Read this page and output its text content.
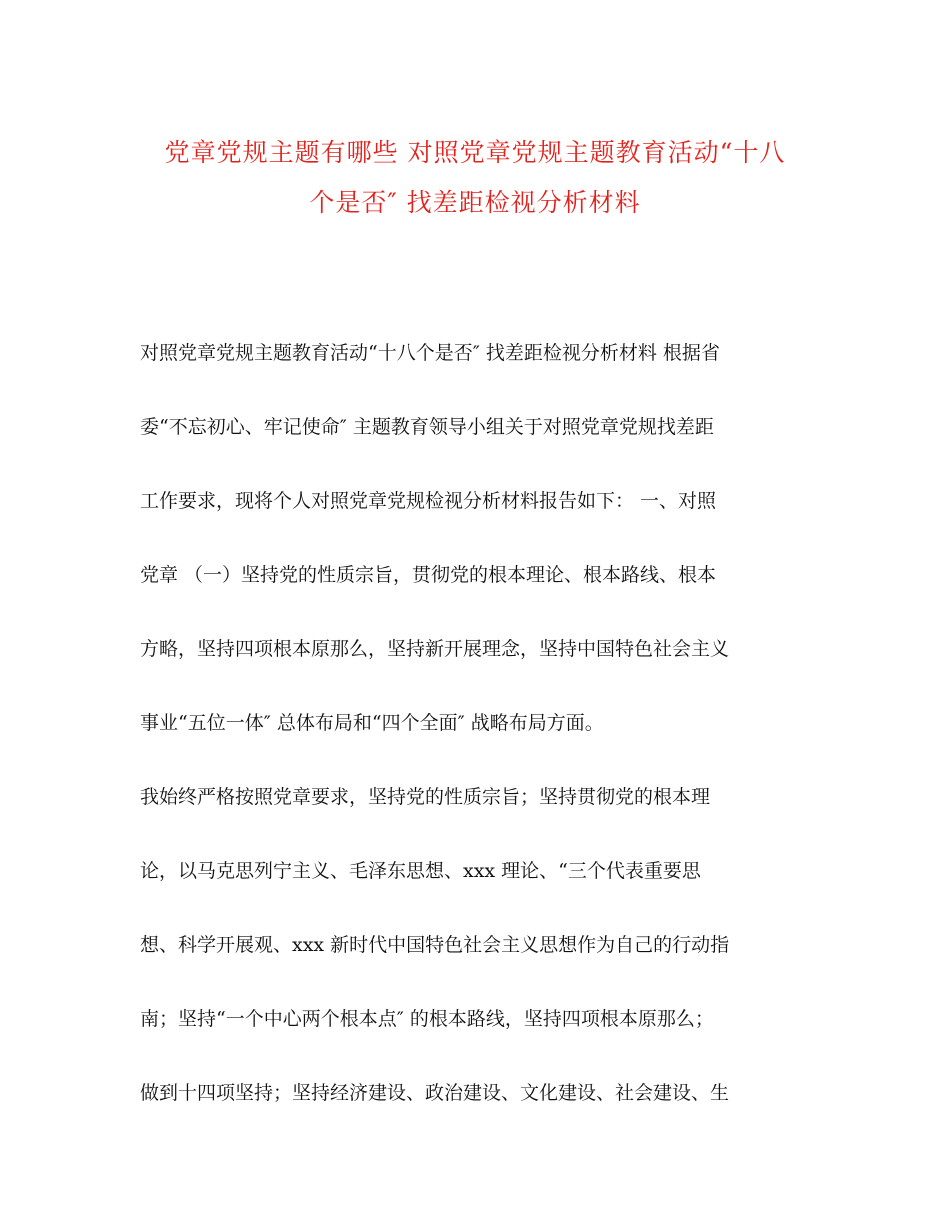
党章党规主题有哪些 对照党章党规主题教育活动“十八
个是否″ 找差距检视分析材料
对照党章党规主题教育活动“十八个是否″ 找差距检视分析材料 根据省
委“不忘初心、牢记使命″ 主题教育领导小组关于对照党章党规找差距
工作要求，现将个人对照党章党规检视分析材料报告如下： 一、对照
党章 （一）坚持党的性质宗旨，贯彻党的根本理论、根本路线、根本
方略，坚持四项根本原那么，坚持新开展理念，坚持中国特色社会主义
事业“五位一体″ 总体布局和“四个全面″ 战略布局方面。
我始终严格按照党章要求，坚持党的性质宗旨；坚持贯彻党的根本理
论，以马克思列宁主义、毛泽东思想、xxx 理论、“三个代表重要思
想、科学开展观、xxx 新时代中国特色社会主义思想作为自己的行动指
南；坚持“一个中心两个根本点″ 的根本路线，坚持四项根本原那么；
做到十四项坚持；坚持经济建设、政治建设、文化建设、社会建设、生
